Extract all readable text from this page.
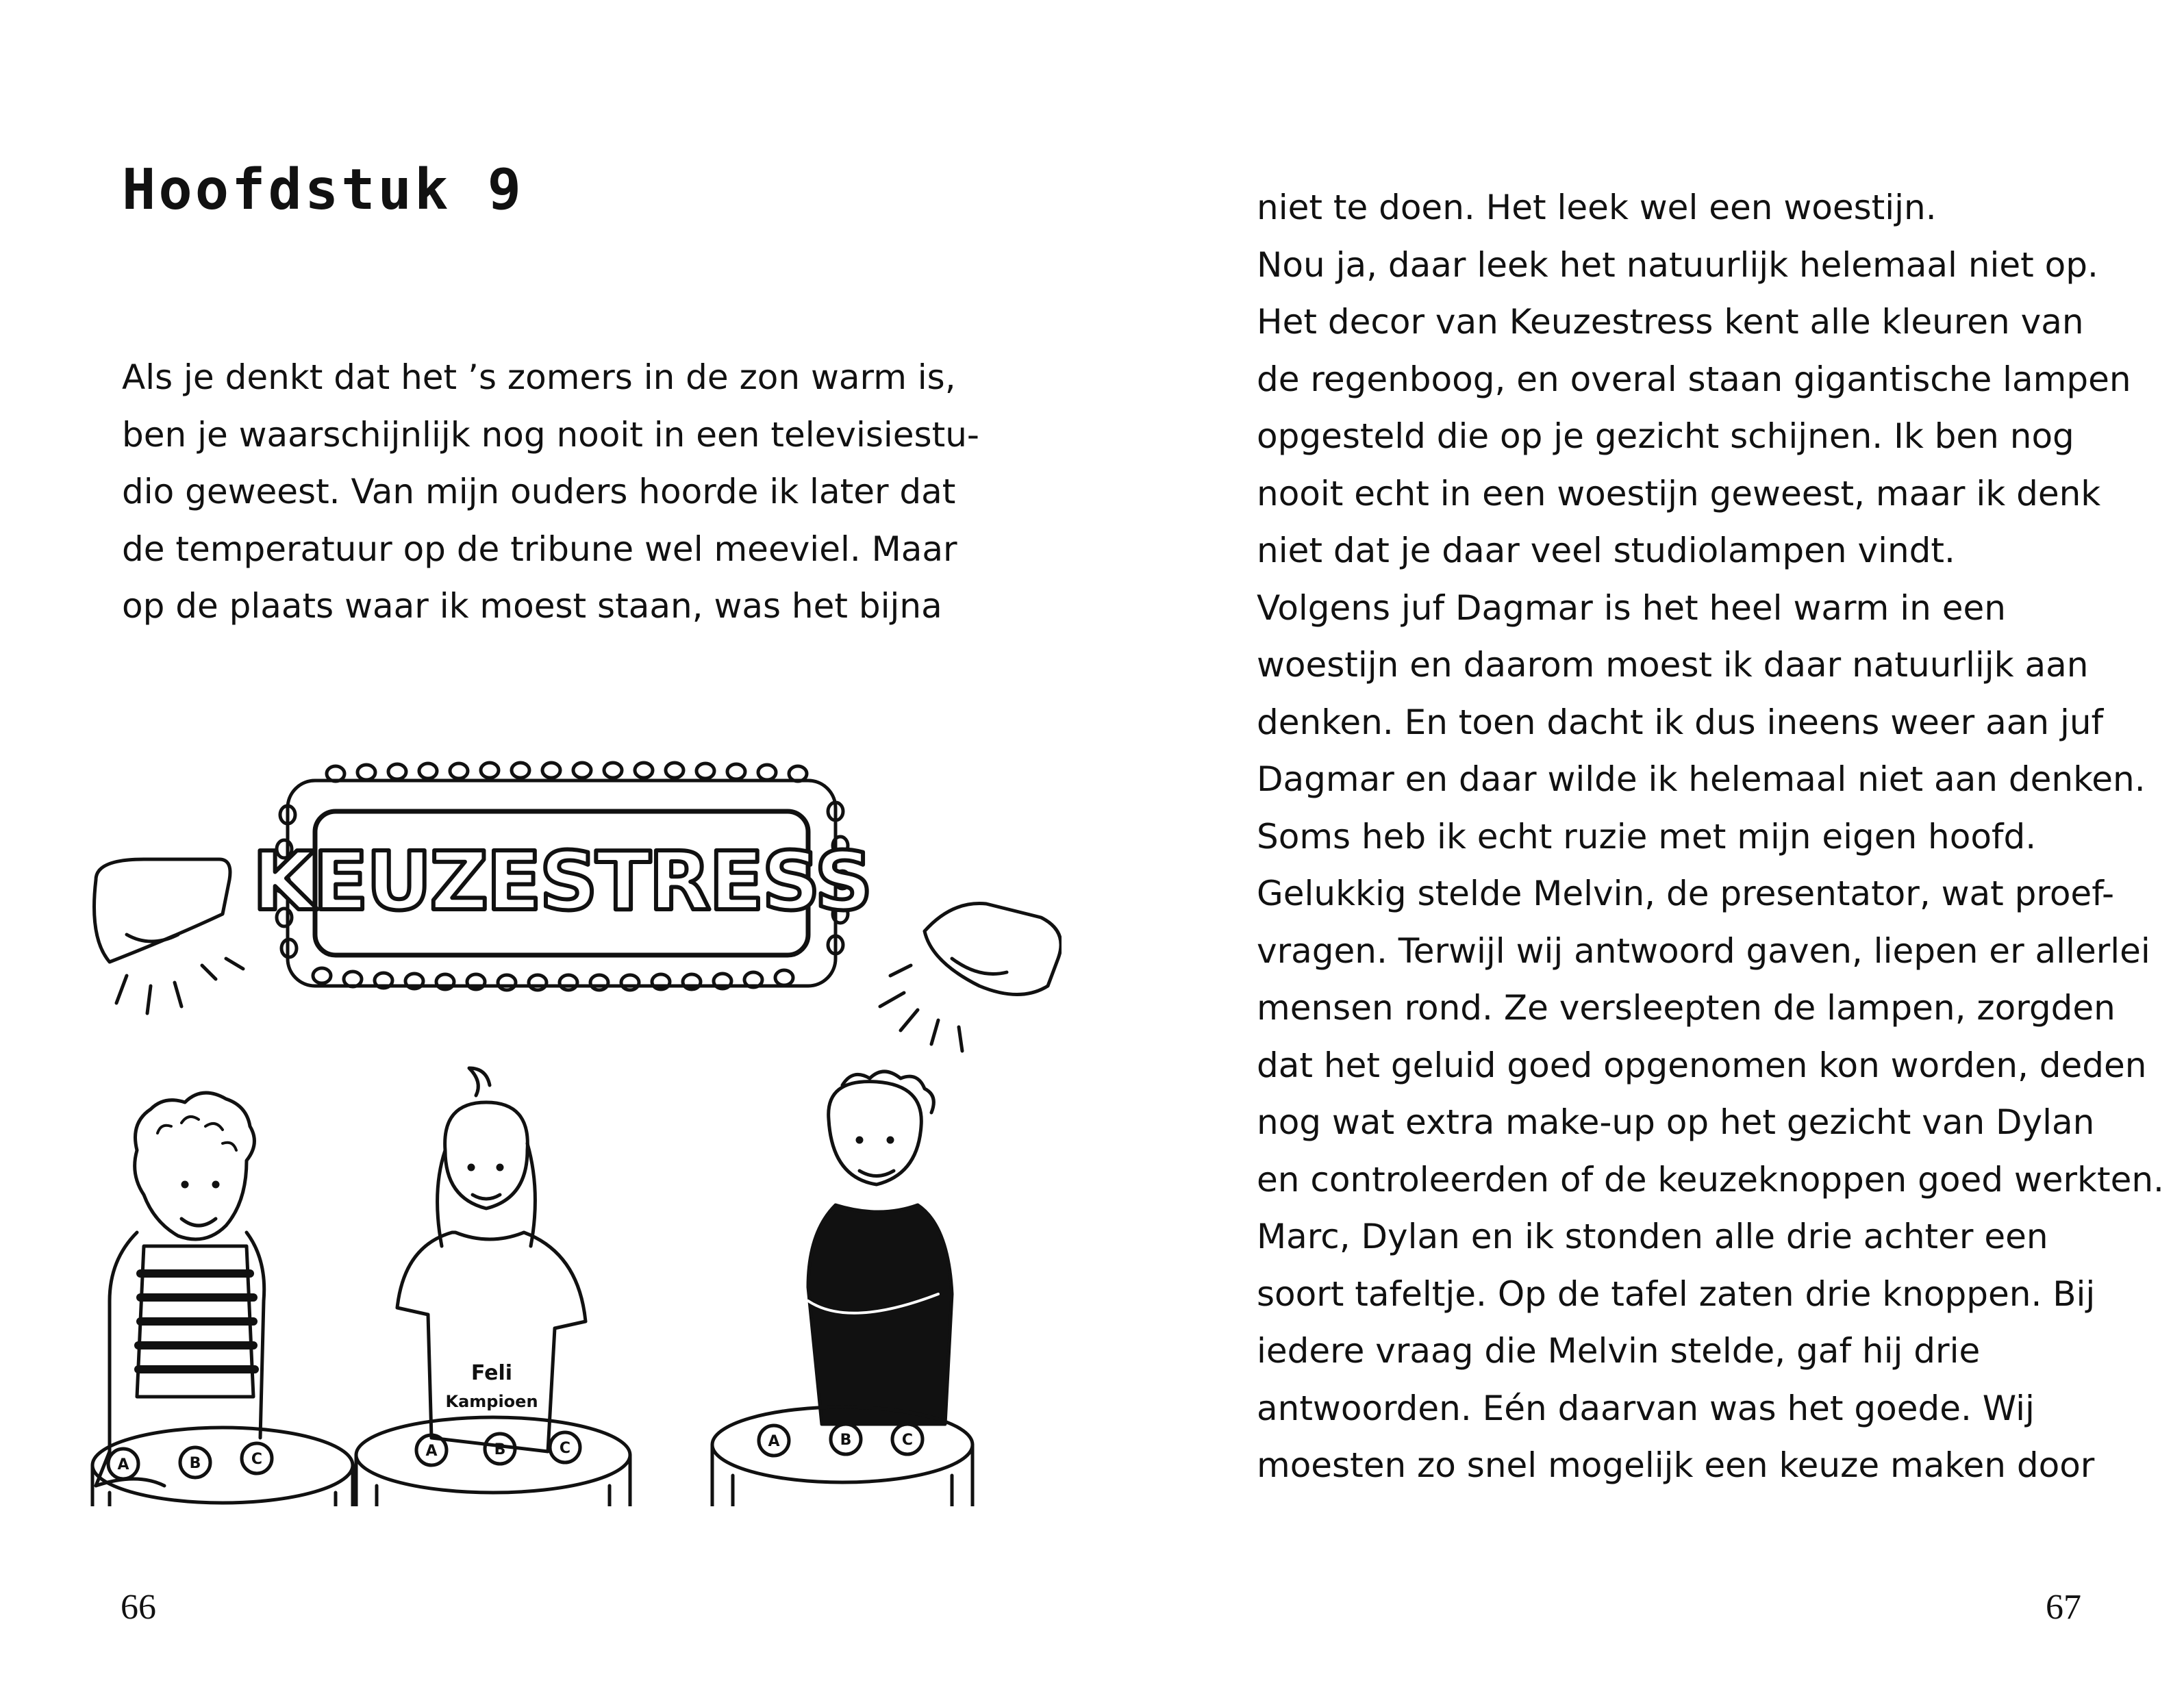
Hoofdstuk 9
Als je denkt dat het ’s zomers in de zon warm is,
ben je waarschijnlijk nog nooit in een televisiestu-
dio geweest. Van mijn ouders hoorde ik later dat
de temperatuur op de tribune wel meeviel. Maar
op de plaats waar ik moest staan, was het bijna
KEUZESTRESS
Feli
Kampioen
A	B	C	A	B	C	A	B	C
66
niet te doen. Het leek wel een woestijn.
Nou ja, daar leek het natuurlijk helemaal niet op.
Het decor van Keuzestress kent alle kleuren van
de regenboog, en overal staan gigantische lampen
opgesteld die op je gezicht schijnen. Ik ben nog
nooit echt in een woestijn geweest, maar ik denk
niet dat je daar veel studiolampen vindt.
Volgens juf Dagmar is het heel warm in een
woestijn en daarom moest ik daar natuurlijk aan
denken. En toen dacht ik dus ineens weer aan juf
Dagmar en daar wilde ik helemaal niet aan denken.
Soms heb ik echt ruzie met mijn eigen hoofd.
Gelukkig stelde Melvin, de presentator, wat proef-
vragen. Terwijl wij antwoord gaven, liepen er allerlei
mensen rond. Ze versleepten de lampen, zorgden
dat het geluid goed opgenomen kon worden, deden
nog wat extra make-up op het gezicht van Dylan
en controleerden of de keuzeknoppen goed werkten.
Marc, Dylan en ik stonden alle drie achter een
soort tafeltje. Op de tafel zaten drie knoppen. Bij
iedere vraag die Melvin stelde, gaf hij drie
antwoorden. Eén daarvan was het goede. Wij
moesten zo snel mogelijk een keuze maken door
67
